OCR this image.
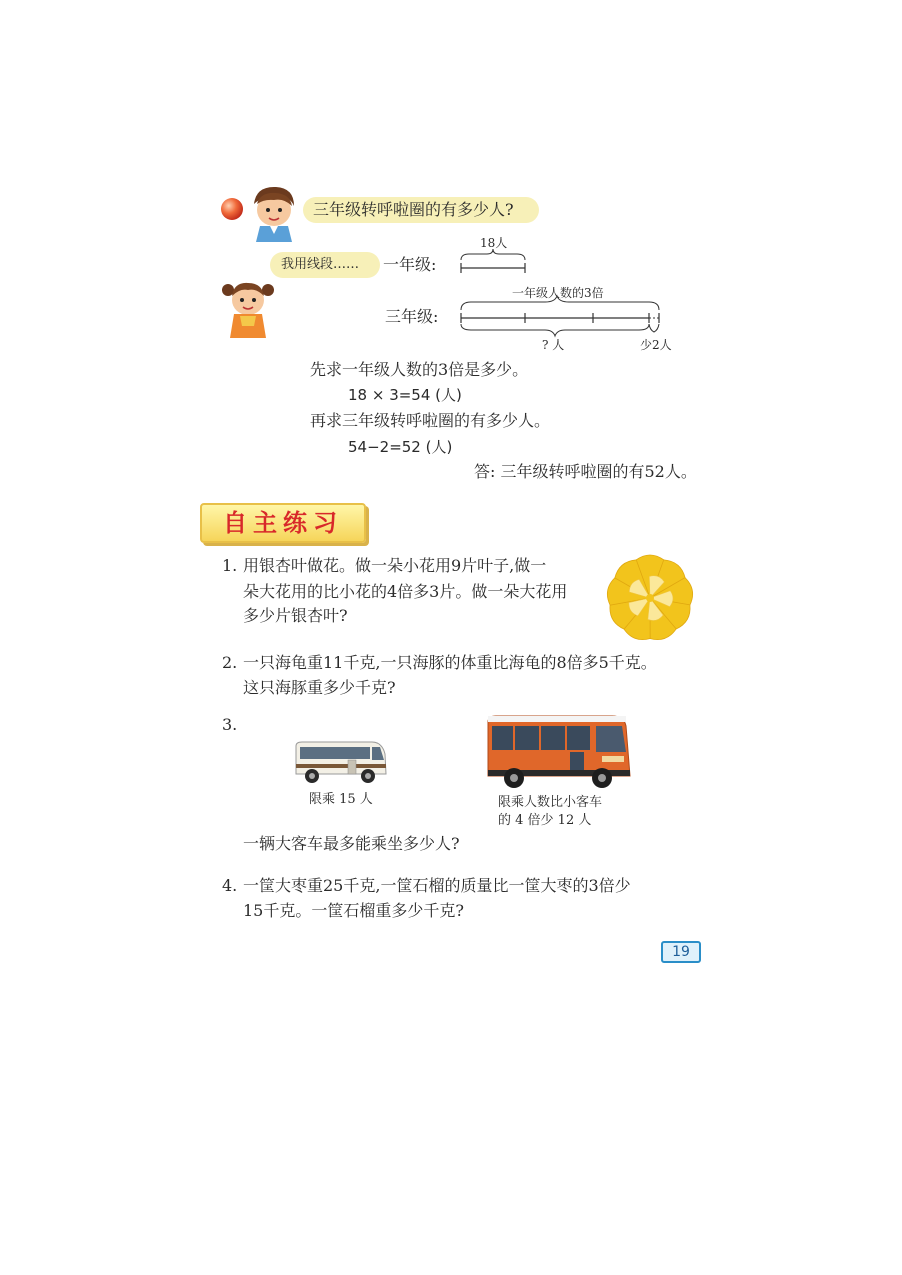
三年级转呼啦圈的有多少人?
我用线段……
18人
一年级:
三年级:
一年级人数的3倍
? 人	少2人
先求一年级人数的3倍是多少。
18 × 3=54 (人)
再求三年级转呼啦圈的有多少人。
54−2=52 (人)
答: 三年级转呼啦圈的有52人。
自主练习
1. 用银杏叶做花。做一朵小花用9片叶子,做一
朵大花用的比小花的4倍多3片。做一朵大花用
多少片银杏叶?
2. 一只海龟重11千克,一只海豚的体重比海龟的8倍多5千克。
这只海豚重多少千克?
3.
限乘 15 人	限乘人数比小客车
的 4 倍少 12 人
一辆大客车最多能乘坐多少人?
4. 一筐大枣重25千克,一筐石榴的质量比一筐大枣的3倍少
15千克。一筐石榴重多少千克?
19
